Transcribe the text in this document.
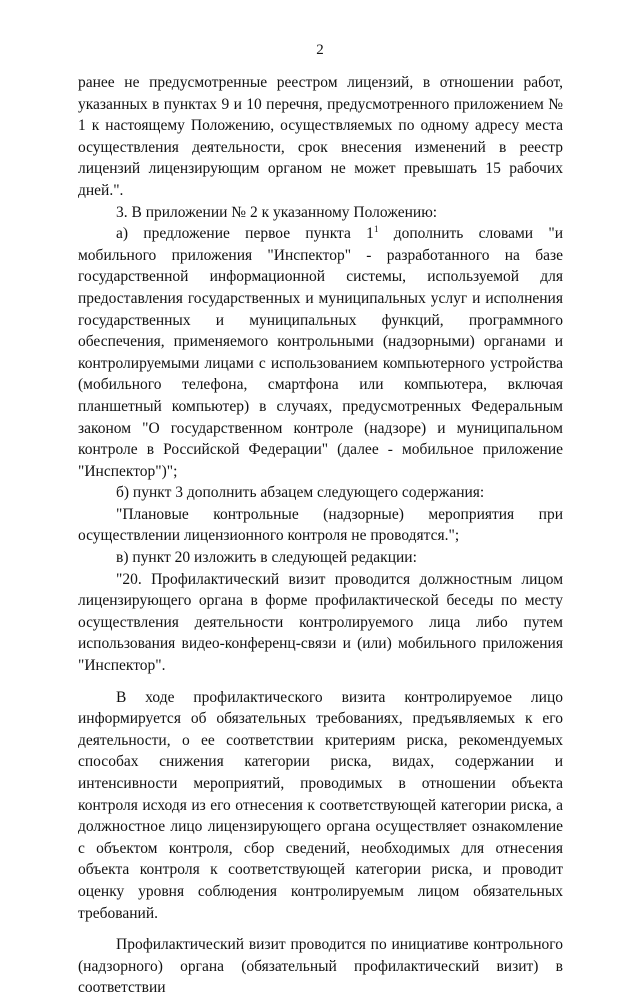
2

ранее не предусмотренные реестром лицензий, в отношении работ, указанных в пунктах 9 и 10 перечня, предусмотренного приложением № 1 к настоящему Положению, осуществляемых по одному адресу места осуществления деятельности, срок внесения изменений в реестр лицензий лицензирующим органом не может превышать 15 рабочих дней.".

3. В приложении № 2 к указанному Положению:

а) предложение первое пункта $1^1$ дополнить словами "и мобильного приложения "Инспектор" - разработанного на базе государственной информационной системы, используемой для предоставления государственных и муниципальных услуг и исполнения государственных и муниципальных функций, программного обеспечения, применяемого контрольными (надзорными) органами и контролируемыми лицами с использованием компьютерного устройства (мобильного телефона, смартфона или компьютера, включая планшетный компьютер) в случаях, предусмотренных Федеральным законом "О государственном контроле (надзоре) и муниципальном контроле в Российской Федерации" (далее - мобильное приложение "Инспектор")";

б) пункт 3 дополнить абзацем следующего содержания:

"Плановые контрольные (надзорные) мероприятия при осуществлении лицензионного контроля не проводятся.";

в) пункт 20 изложить в следующей редакции:

"20. Профилактический визит проводится должностным лицом лицензирующего органа в форме профилактической беседы по месту осуществления деятельности контролируемого лица либо путем использования видео-конференц-связи и (или) мобильного приложения "Инспектор".

В ходе профилактического визита контролируемое лицо информируется об обязательных требованиях, предъявляемых к его деятельности, о ее соответствии критериям риска, рекомендуемых способах снижения категории риска, видах, содержании и интенсивности мероприятий, проводимых в отношении объекта контроля исходя из его отнесения к соответствующей категории риска, а должностное лицо лицензирующего органа осуществляет ознакомление с объектом контроля, сбор сведений, необходимых для отнесения объекта контроля к соответствующей категории риска, и проводит оценку уровня соблюдения контролируемым лицом обязательных требований.

Профилактический визит проводится по инициативе контрольного (надзорного) органа (обязательный профилактический визит) в соответствии
